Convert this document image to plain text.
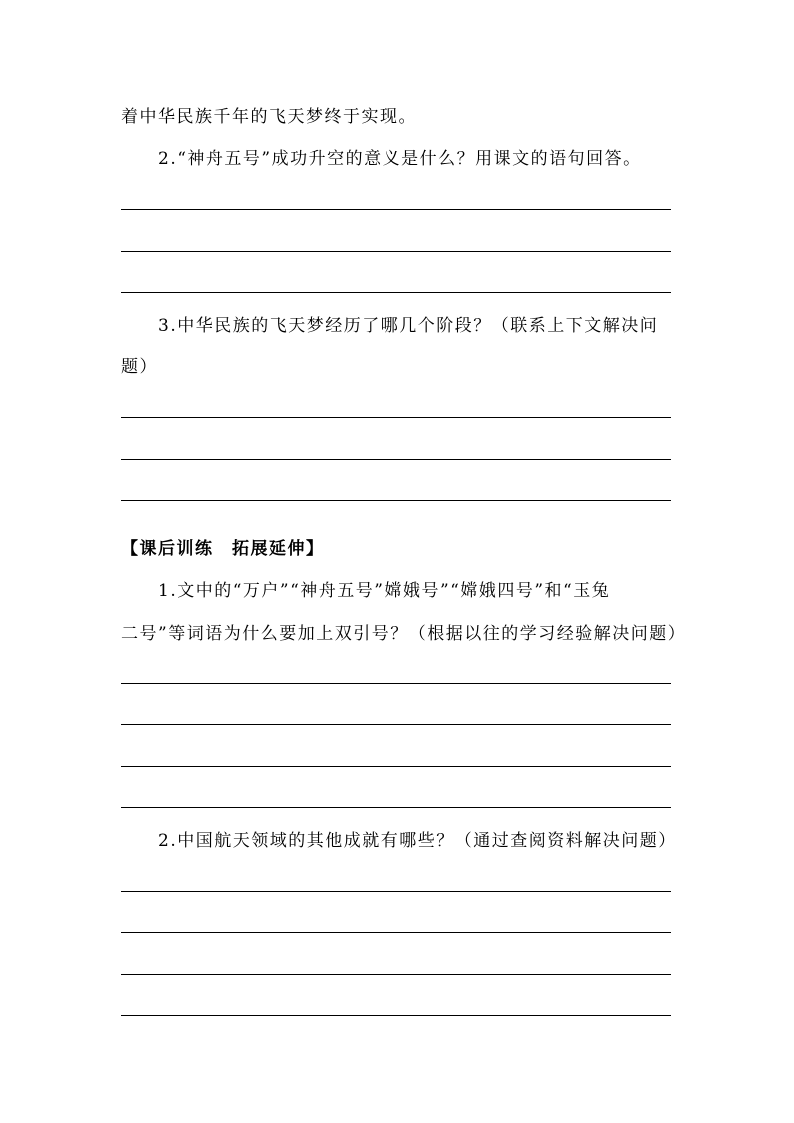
着中华民族千年的飞天梦终于实现。
2.“神舟五号”成功升空的意义是什么？用课文的语句回答。
3.中华民族的飞天梦经历了哪几个阶段？（联系上下文解决问
题）
【课后训练　拓展延伸】
1.文中的“万户”“神舟五号”嫦娥号”“嫦娥四号”和“玉兔
二号”等词语为什么要加上双引号？（根据以往的学习经验解决问题）
2.中国航天领域的其他成就有哪些？（通过查阅资料解决问题）
